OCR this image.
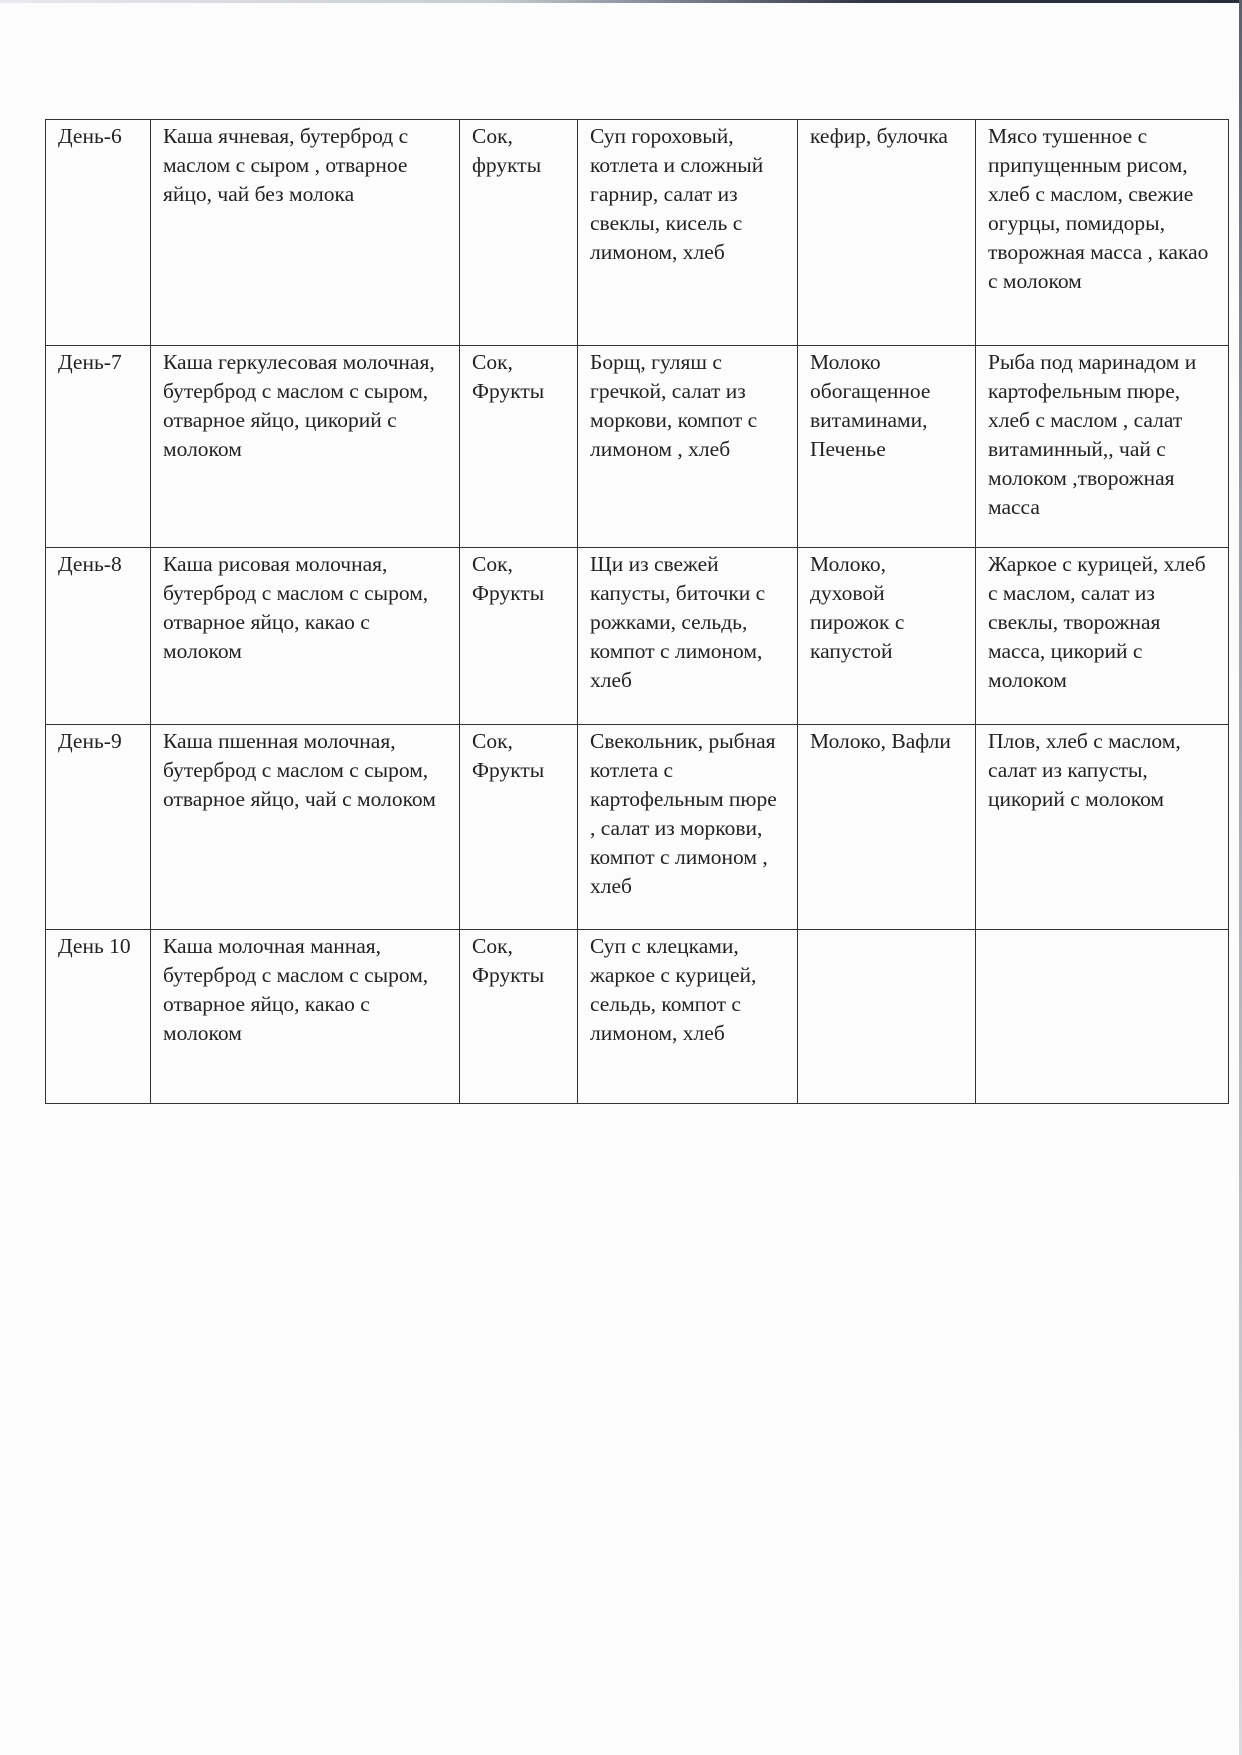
День-6	Каша ячневая, бутерброд с маслом с сыром , отварное яйцо, чай без молока	Сок, фрукты	Суп гороховый, котлета и сложный гарнир, салат из свеклы, кисель с лимоном, хлеб	кефир, булочка	Мясо тушенное с припущенным рисом, хлеб с маслом, свежие огурцы, помидоры, творожная масса , какао с молоком
День-7	Каша геркулесовая молочная, бутерброд с маслом с сыром, отварное яйцо, цикорий с молоком	Сок, Фрукты	Борщ, гуляш с гречкой, салат из моркови, компот с лимоном , хлеб	Молоко обогащенное витаминами, Печенье	Рыба под маринадом и картофельным пюре, хлеб с маслом , салат витаминный,, чай с молоком ,творожная масса
День-8	Каша рисовая молочная, бутерброд с маслом с сыром, отварное яйцо, какао с молоком	Сок, Фрукты	Щи из свежей капусты, биточки с рожками, сельдь, компот с лимоном, хлеб	Молоко, духовой пирожок с капустой	Жаркое с курицей, хлеб с маслом, салат из свеклы, творожная масса, цикорий с молоком
День-9	Каша пшенная молочная, бутерброд с маслом с сыром, отварное яйцо, чай с молоком	Сок, Фрукты	Свекольник, рыбная котлета с картофельным пюре , салат из моркови, компот с лимоном , хлеб	Молоко, Вафли	Плов, хлеб с маслом, салат из капусты, цикорий с молоком
День 10	Каша молочная манная, бутерброд с маслом с сыром, отварное яйцо, какао с молоком	Сок, Фрукты	Суп с клецками, жаркое с курицей, сельдь, компот с лимоном, хлеб		
